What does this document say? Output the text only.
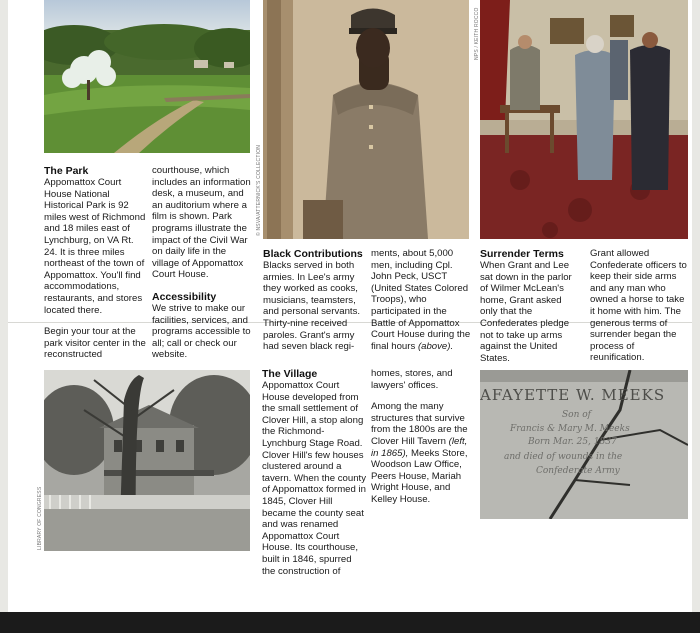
© NSVA/ATTERNICK'S COLLECTION
NPS / KEITH ROCCO
LIBRARY OF CONGRESS
AFAYETTE W. MEEKS
Son of
Francis & Mary M. Meeks
Born Mar. 25, 1837
and died of wounds in the
Confederate Army
The Park

Appomattox Court House National Historical Park is 92 miles west of Richmond and 18 miles east of Lynchburg, on VA Rt. 24. It is three miles northeast of the town of Appomattox. You'll find accommodations, restaurants, and stores located there.

Begin your tour at the park visitor center in the reconstructed

courthouse, which includes an information desk, a museum, and an auditorium where a film is shown. Park programs illustrate the impact of the Civil War on daily life in the village of Appomattox Court House.

Accessibility

We strive to make our facilities, services, and programs accessible to all; call or check our website.

Black Contributions

Blacks served in both armies. In Lee's army they worked as cooks, musicians, teamsters, and personal servants. Thirty-nine received paroles. Grant's army had seven black regi-

ments, about 5,000 men, including Cpl. John Peck, USCT (United States Colored Troops), who participated in the Battle of Appomattox Court House during the final hours (above).

Surrender Terms

When Grant and Lee sat down in the parlor of Wilmer McLean's home, Grant asked only that the Confederates pledge not to take up arms against the United States.

Grant allowed Confederate officers to keep their side arms and any man who owned a horse to take it home with him. The generous terms of surrender began the process of reunification.

The Village

Appomattox Court House developed from the small settlement of Clover Hill, a stop along the Richmond-Lynchburg Stage Road. Clover Hill's few houses clustered around a tavern. When the county of Appomattox formed in 1845, Clover Hill became the county seat and was renamed Appomattox Court House. Its courthouse, built in 1846, spurred the construction of

homes, stores, and lawyers' offices.

Among the many structures that survive from the 1800s are the Clover Hill Tavern (left, in 1865), Meeks Store, Woodson Law Office, Peers House, Mariah Wright House, and Kelley House.
